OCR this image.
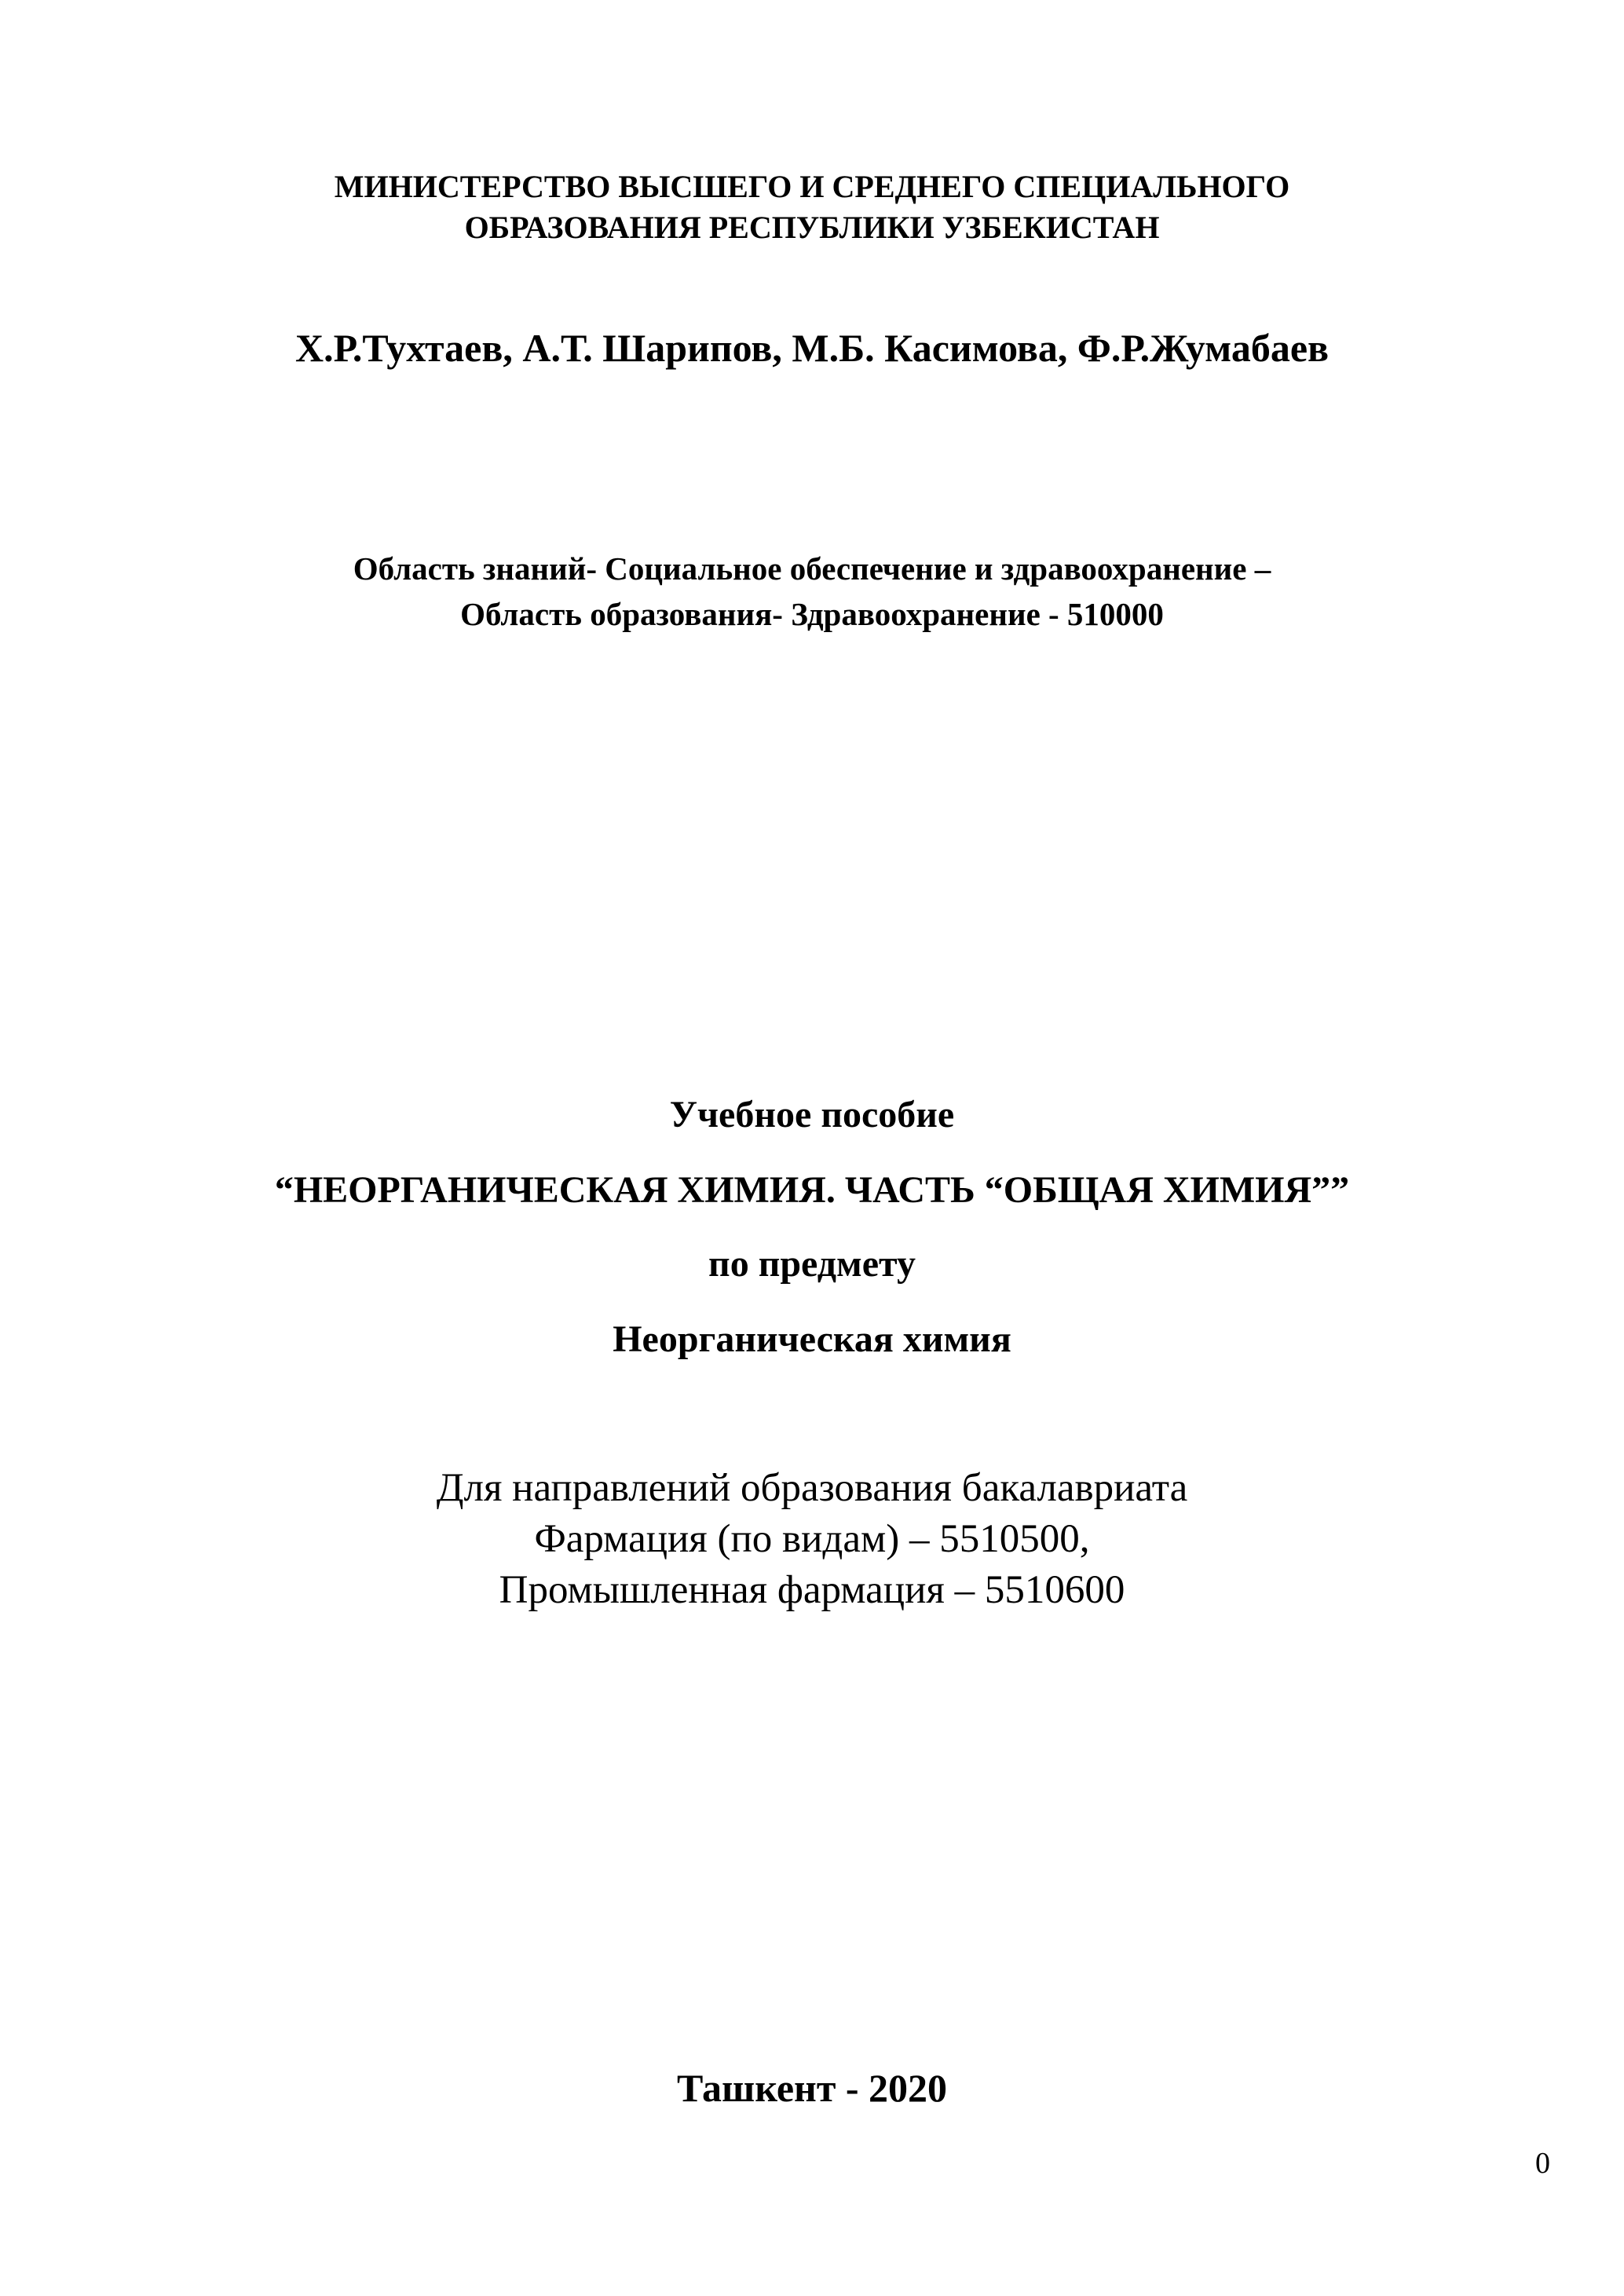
МИНИСТЕРСТВО ВЫСШЕГО И СРЕДНЕГО СПЕЦИАЛЬНОГО
ОБРАЗОВАНИЯ РЕСПУБЛИКИ УЗБЕКИСТАН
Х.Р.Тухтаев, А.Т. Шарипов, М.Б. Касимова, Ф.Р.Жумабаев
Область знаний- Социальное обеспечение и здравоохранение –
Область образования- Здравоохранение - 510000
Учебное пособие
“НЕОРГАНИЧЕСКАЯ ХИМИЯ. ЧАСТЬ “ОБЩАЯ ХИМИЯ””
по предмету
Неорганическая химия
Для направлений образования бакалавриата
Фармация (по видам) – 5510500,
Промышленная фармация – 5510600
Ташкент - 2020
0
